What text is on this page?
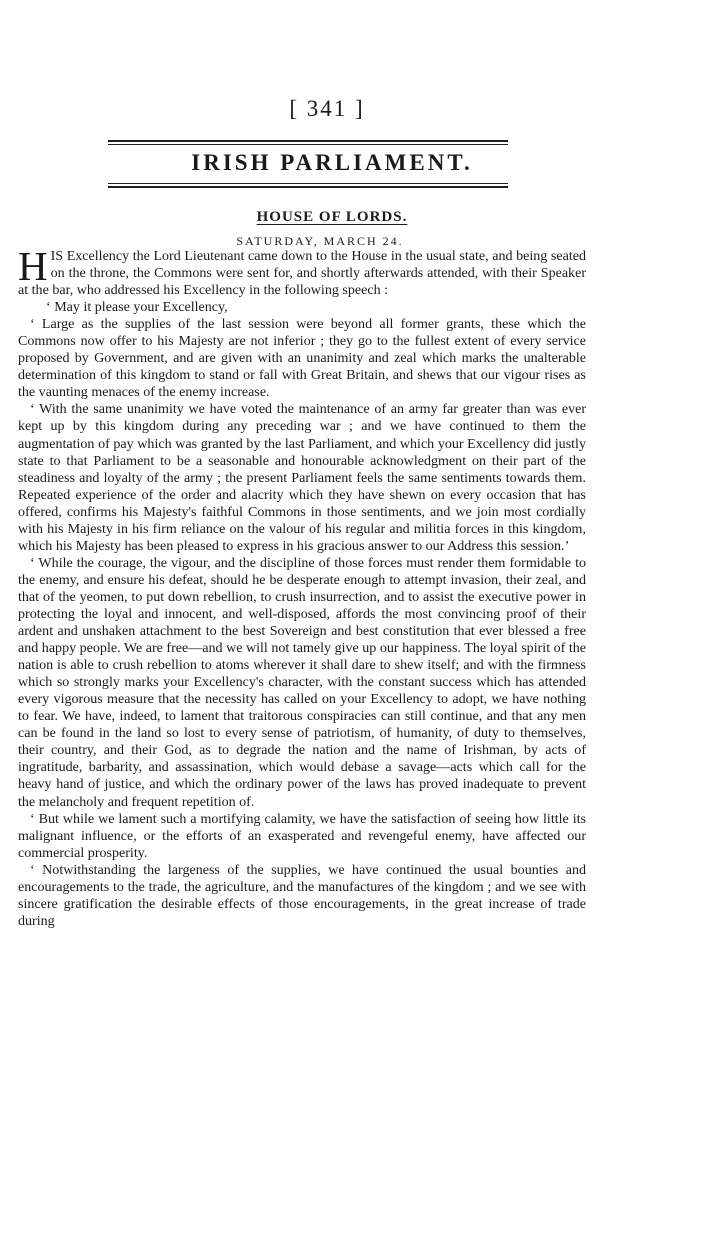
[ 341 ]
IRISH PARLIAMENT.
HOUSE OF LORDS.
SATURDAY, MARCH 24.

HIS Excellency the Lord Lieutenant came down to the House in the usual state, and being seated on the throne, the Commons were sent for, and shortly afterwards attended, with their Speaker at the bar, who addressed his Excellency in the following speech :

‘ May it please your Excellency,

‘ Large as the supplies of the last session were beyond all former grants, these which the Commons now offer to his Majesty are not inferior ; they go to the fullest extent of every service proposed by Government, and are given with an unanimity and zeal which marks the unalterable determination of this kingdom to stand or fall with Great Britain, and shews that our vigour rises as the vaunting menaces of the enemy increase.

‘ With the same unanimity we have voted the maintenance of an army far greater than was ever kept up by this kingdom during any preceding war ; and we have continued to them the augmentation of pay which was granted by the last Parliament, and which your Excellency did justly state to that Parliament to be a seasonable and honourable acknowledgment on their part of the steadiness and loyalty of the army ; the present Parliament feels the same sentiments towards them. Repeated experience of the order and alacrity which they have shewn on every occasion that has offered, confirms his Majesty's faithful Commons in those sentiments, and we join most cordially with his Majesty in his firm reliance on the valour of his regular and militia forces in this kingdom, which his Majesty has been pleased to express in his gracious answer to our Address this session.’

‘ While the courage, the vigour, and the discipline of those forces must render them formidable to the enemy, and ensure his defeat, should he be desperate enough to attempt invasion, their zeal, and that of the yeomen, to put down rebellion, to crush insurrection, and to assist the executive power in protecting the loyal and innocent, and well-disposed, affords the most convincing proof of their ardent and unshaken attachment to the best Sovereign and best constitution that ever blessed a free and happy people. We are free—and we will not tamely give up our happiness. The loyal spirit of the nation is able to crush rebellion to atoms wherever it shall dare to shew itself; and with the firmness which so strongly marks your Excellency's character, with the constant success which has attended every vigorous measure that the necessity has called on your Excellency to adopt, we have nothing to fear. We have, indeed, to lament that traitorous conspiracies can still continue, and that any men can be found in the land so lost to every sense of patriotism, of humanity, of duty to themselves, their country, and their God, as to degrade the nation and the name of Irishman, by acts of ingratitude, barbarity, and assassination, which would debase a savage—acts which call for the heavy hand of justice, and which the ordinary power of the laws has proved inadequate to prevent the melancholy and frequent repetition of.

‘ But while we lament such a mortifying calamity, we have the satisfaction of seeing how little its malignant influence, or the efforts of an exasperated and revengeful enemy, have affected our commercial prosperity.

‘ Notwithstanding the largeness of the supplies, we have continued the usual bounties and encouragements to the trade, the agriculture, and the manufactures of the kingdom ; and we see with sincere gratification the desirable effects of those encouragements, in the great increase of trade during
